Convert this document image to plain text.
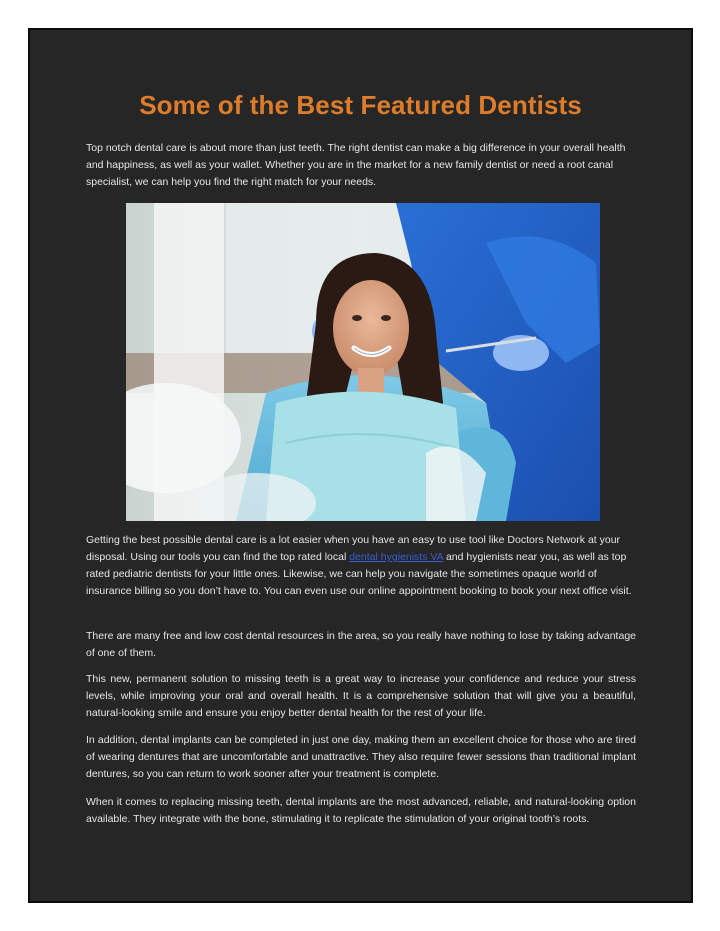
Some of the Best Featured Dentists

Top notch dental care is about more than just teeth. The right dentist can make a big difference in your overall health and happiness, as well as your wallet. Whether you are in the market for a new family dentist or need a root canal specialist, we can help you find the right match for your needs.

Getting the best possible dental care is a lot easier when you have an easy to use tool like Doctors Network at your disposal. Using our tools you can find the top rated local dental hygienists VA and hygienists near you, as well as top rated pediatric dentists for your little ones. Likewise, we can help you navigate the sometimes opaque world of insurance billing so you don’t have to. You can even use our online appointment booking to book your next office visit.

There are many free and low cost dental resources in the area, so you really have nothing to lose by taking advantage of one of them.

This new, permanent solution to missing teeth is a great way to increase your confidence and reduce your stress levels, while improving your oral and overall health. It is a comprehensive solution that will give you a beautiful, natural-looking smile and ensure you enjoy better dental health for the rest of your life.

In addition, dental implants can be completed in just one day, making them an excellent choice for those who are tired of wearing dentures that are uncomfortable and unattractive. They also require fewer sessions than traditional implant dentures, so you can return to work sooner after your treatment is complete.

When it comes to replacing missing teeth, dental implants are the most advanced, reliable, and natural-looking option available. They integrate with the bone, stimulating it to replicate the stimulation of your original tooth’s roots.
